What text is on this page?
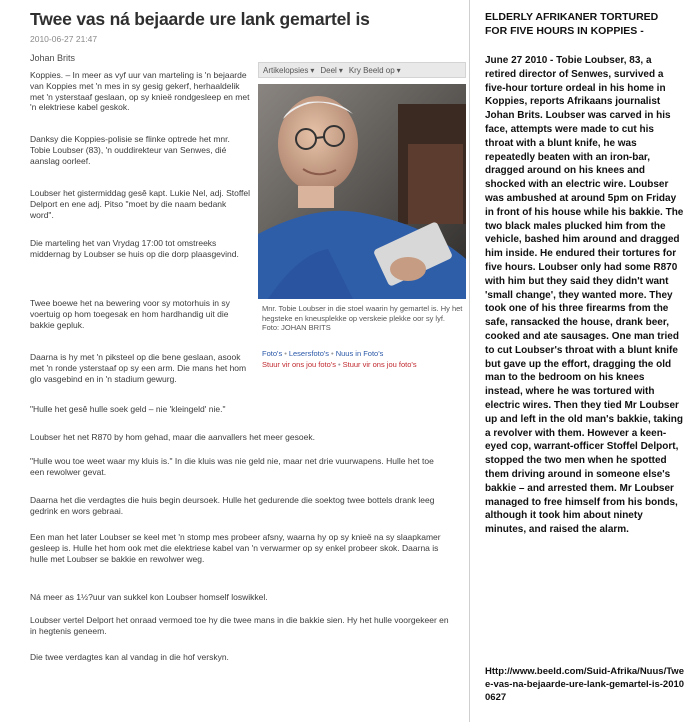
Twee vas ná bejaarde ure lank gemartel is
2010-06-27 21:47
Johan Brits
Koppies. – In meer as vyf uur van marteling is 'n bejaarde van Koppies met 'n mes in sy gesig gekerf, herhaaldelik met 'n ysterstaaf geslaan, op sy knieë rondgesleep en met 'n elektriese kabel geskok.
Danksy die Koppies-polisie se flinke optrede het mnr. Tobie Loubser (83), 'n ouddirekteur van Senwes, dié aanslag oorleef.
Loubser het gistermiddag gesê kapt. Lukie Nel, adj. Stoffel Delport en ene adj. Pitso "moet by die naam bedank word".
Die marteling het van Vrydag 17:00 tot omstreeks middernag by Loubser se huis op die dorp plaasgevind.
Twee boewe het na bewering voor sy motorhuis in sy voertuig op hom toegesak en hom hardhandig uit die bakkie gepluk.
Daarna is hy met 'n piksteel op die bene geslaan, asook met 'n ronde ysterstaaf op sy een arm. Die mans het hom glo vasgebind en in 'n stadium gewurg.
"Hulle het gesê hulle soek geld – nie 'kleingeld' nie."
Loubser het net R870 by hom gehad, maar die aanvallers het meer gesoek.
"Hulle wou toe weet waar my kluis is." In die kluis was nie geld nie, maar net drie vuurwapens. Hulle het toe een rewolwer gevat.
Daarna het die verdagtes die huis begin deursoek. Hulle het gedurende die soektog twee bottels drank leeg gedrink en wors gebraai.
Een man het later Loubser se keel met 'n stomp mes probeer afsny, waarna hy op sy knieë na sy slaapkamer gesleep is. Hulle het hom ook met die elektriese kabel van 'n verwarmer op sy enkel probeer skok. Daarna is hulle met Loubser se bakkie en rewolwer weg.
Ná meer as 1½?uur van sukkel kon Loubser homself loswikkel.
Loubser vertel Delport het onraad vermoed toe hy die twee mans in die bakkie sien. Hy het hulle voorgekeer en in hegtenis geneem.
Die twee verdagtes kan al vandag in die hof verskyn.
Artikelopsies ▾ Deel ▾ Kry Beeld op ▾
Mnr. Tobie Loubser in die stoel waarin hy gemartel is. Hy het hegsteke en kneusplekke op verskeie plekke oor sy lyf. Foto: JOHAN BRITS
Foto's • Lesersfoto's • Nuus in Foto's
Stuur vir ons jou foto's • Stuur vir ons jou foto's
ELDERLY AFRIKANER TORTURED FOR FIVE HOURS IN KOPPIES -
June 27 2010 - Tobie Loubser, 83, a retired director of Senwes, survived a five-hour torture ordeal in his home in Koppies, reports Afrikaans journalist Johan Brits. Loubser was carved in his face, attempts were made to cut his throat with a blunt knife, he was repeatedly beaten with an iron-bar, dragged around on his knees and shocked with an electric wire. Loubser was ambushed at around 5pm on Friday in front of his house while his bakkie. The two black males plucked him from the vehicle, bashed him around and dragged him inside. He endured their tortures for five hours. Loubser only had some R870 with him but they said they didn't want 'small change', they wanted more. They took one of his three firearms from the safe, ransacked the house, drank beer, cooked and ate sausages. One man tried to cut Loubser's throat with a blunt knife but gave up the effort, dragging the old man to the bedroom on his knees instead, where he was tortured with electric wires. Then they tied Mr Loubser up and left in the old man's bakkie, taking a revolver with them. However a keen-eyed cop, warrant-officer Stoffel Delport, stopped the two men when he spotted them driving around in someone else's bakkie – and arrested them. Mr Loubser managed to free himself from his bonds, although it took him about ninety minutes, and raised the alarm.
Http://www.beeld.com/Suid-Afrika/Nuus/Twee-vas-na-bejaarde-ure-lank-gemartel-is-20100627
